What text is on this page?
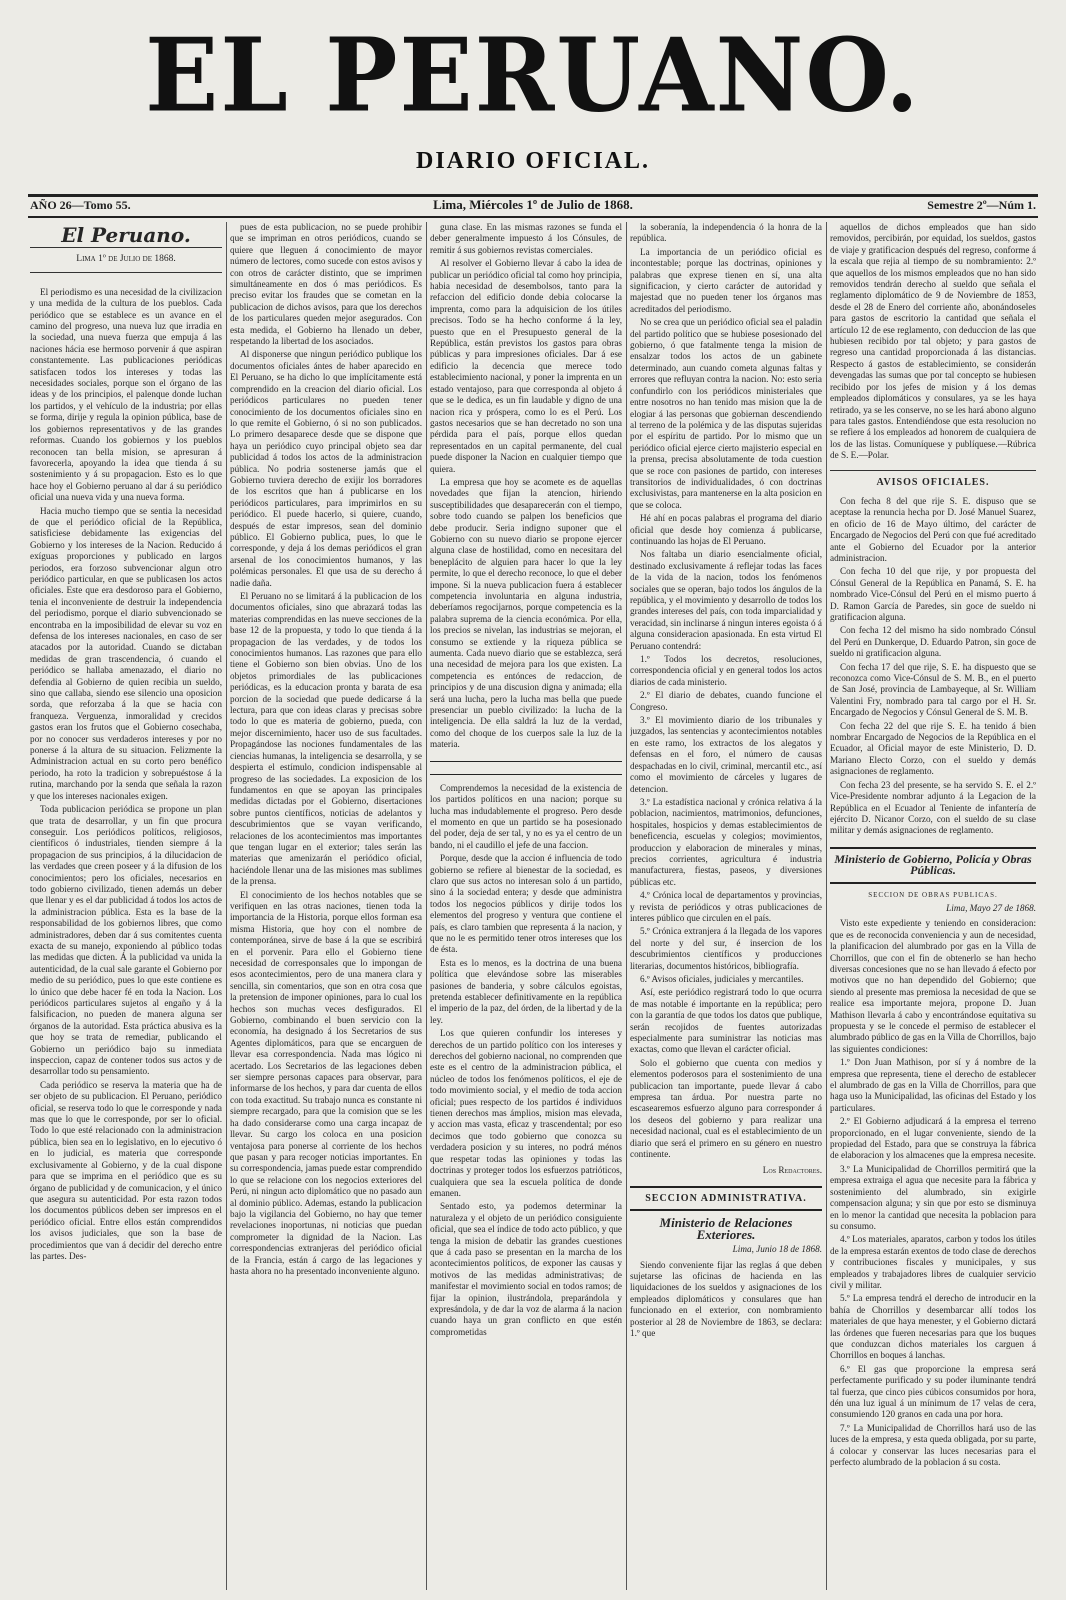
EL PERUANO.
DIARIO OFICIAL.
AÑO 26—Tomo 55.	Lima, Miércoles 1º de Julio de 1868.	Semestre 2º—Núm 1.
El Peruano.
Lima 1º de Julio de 1868.

El periodismo es una necesidad de la civilizacion y una medida de la cultura de los pueblos. Cada periódico que se establece es un avance en el camino del progreso, una nueva luz que irradia en la sociedad, una nueva fuerza que empuja á las naciones hácia ese hermoso porvenir á que aspiran constantemente. Las publicaciones periódicas satisfacen todos los intereses y todas las necesidades sociales, porque son el órgano de las ideas y de los principios, el palenque donde luchan los partidos, y el vehículo de la industria; por ellas se forma, dirije y regula la opinion pública, base de los gobiernos representativos y de las grandes reformas. Cuando los gobiernos y los pueblos reconocen tan bella mision, se apresuran á favorecerla, apoyando la idea que tienda á su sostenimiento y á su propagacion. Esto es lo que hace hoy el Gobierno peruano al dar á su periódico oficial una nueva vida y una nueva forma.

Hacia mucho tiempo que se sentia la necesidad de que el periódico oficial de la República, satisficiese debidamente las exigencias del Gobierno y los intereses de la Nacion. Reducido á exíguas proporciones y publicado en largos periodos, era forzoso subvencionar algun otro periódico particular, en que se publicasen los actos oficiales. Este que era desdoroso para el Gobierno, tenia el inconveniente de destruir la independencia del periodismo, porque el diario subvencionado se encontraba en la imposibilidad de elevar su voz en defensa de los intereses nacionales, en caso de ser atacados por la autoridad. Cuando se dictaban medidas de gran trascendencia, ó cuando el periódico se hallaba amenazado, el diario no defendia al Gobierno de quien recibia un sueldo, sino que callaba, siendo ese silencio una oposicion sorda, que reforzaba á la que se hacia con franqueza. Verguenza, inmoralidad y crecidos gastos eran los frutos que el Gobierno cosechaba, por no conocer sus verdaderos intereses y por no ponerse á la altura de su situacion. Felizmente la Administracion actual en su corto pero benéfico periodo, ha roto la tradicion y sobrepuéstose á la rutina, marchando por la senda que señala la razon y que los intereses nacionales exigen.

Toda publicacion periódica se propone un plan que trata de desarrollar, y un fin que procura conseguir. Los periódicos políticos, religiosos, científicos ó industriales, tienden siempre á la propagacion de sus principios, á la dilucidacion de las verdades que creen poseer y á la difusion de los conocimientos; pero los oficiales, necesarios en todo gobierno civilizado, tienen además un deber que llenar y es el dar publicidad á todos los actos de la administracion pública. Esta es la base de la responsabilidad de los gobiernos libres, que como administradores, deben dar á sus comitentes cuenta exacta de su manejo, exponiendo al público todas las medidas que dicten. Á la publicidad va unida la autenticidad, de la cual sale garante el Gobierno por medio de su periódico, pues lo que este contiene es lo único que debe hacer fé en toda la Nacion. Los periódicos particulares sujetos al engaño y á la falsificacion, no pueden de manera alguna ser órganos de la autoridad. Esta práctica abusiva es la que hoy se trata de remediar, publicando el Gobierno un periódico bajo su inmediata inspeccion, capaz de contener todos sus actos y de desarrollar todo su pensamiento.

Cada periódico se reserva la materia que ha de ser objeto de su publicacion. El Peruano, periódico oficial, se reserva todo lo que le corresponde y nada mas que lo que le corresponde, por ser lo oficial. Todo lo que esté relacionado con la administracion pública, bien sea en lo legislativo, en lo ejecutivo ó en lo judicial, es materia que corresponde exclusivamente al Gobierno, y de la cual dispone para que se imprima en el periódico que es su órgano de publicidad y de comunicacion, y el único que asegura su autenticidad. Por esta razon todos los documentos públicos deben ser impresos en el periódico oficial. Entre ellos están comprendidos los avisos judiciales, que son la base de procedimientos que van á decidir del derecho entre las partes. Des-

pues de esta publicacion, no se puede prohibir que se impriman en otros periódicos, cuando se quiere que lleguen á conocimiento de mayor número de lectores, como sucede con estos avisos y con otros de carácter distinto, que se imprimen simultáneamente en dos ó mas periódicos. Es preciso evitar los fraudes que se cometan en la publicacion de dichos avisos, para que los derechos de los particulares queden mejor asegurados. Con esta medida, el Gobierno ha llenado un deber, respetando la libertad de los asociados.

Al disponerse que ningun periódico publique los documentos oficiales ántes de haber aparecido en El Peruano, se ha dicho lo que implícitamente está comprendido en la creacion del diario oficial. Los periódicos particulares no pueden tener conocimiento de los documentos oficiales sino en lo que remite el Gobierno, ó si no son publicados. Lo primero desaparece desde que se dispone que haya un periódico cuyo principal objeto sea dar publicidad á todos los actos de la administracion pública. No podria sostenerse jamás que el Gobierno tuviera derecho de exijir los borradores de los escritos que han á publicarse en los periódicos particulares, para imprimirlos en su periódico. El puede hacerlo, si quiere, cuando, después de estar impresos, sean del dominio público. El Gobierno publica, pues, lo que le corresponde, y deja á los demas periódicos el gran arsenal de los conocimientos humanos, y las polémicas personales. El que usa de su derecho á nadie daña.

El Peruano no se limitará á la publicacion de los documentos oficiales, sino que abrazará todas las materias comprendidas en las nueve secciones de la base 12 de la propuesta, y todo lo que tienda á la propagacion de las verdades, y de todos los conocimientos humanos. Las razones que para ello tiene el Gobierno son bien obvias. Uno de los objetos primordiales de las publicaciones periódicas, es la educacion pronta y barata de esa porcion de la sociedad que puede dedicarse á la lectura, para que con ideas claras y precisas sobre todo lo que es materia de gobierno, pueda, con mejor discernimiento, hacer uso de sus facultades. Propagándose las nociones fundamentales de las ciencias humanas, la inteligencia se desarrolla, y se despierta el estímulo, condicion indispensable al progreso de las sociedades. La exposicion de los fundamentos en que se apoyan las principales medidas dictadas por el Gobierno, disertaciones sobre puntos científicos, noticias de adelantos y descubrimientos que se vayan verificando, relaciones de los acontecimientos mas importantes que tengan lugar en el exterior; tales serán las materias que amenizarán el periódico oficial, haciéndole llenar una de las misiones mas sublimes de la prensa.

El conocimiento de los hechos notables que se verifiquen en las otras naciones, tienen toda la importancia de la Historia, porque ellos forman esa misma Historia, que hoy con el nombre de contemporánea, sirve de base á la que se escribirá en el porvenir. Para ello el Gobierno tiene necesidad de corresponsales que lo impongan de esos acontecimientos, pero de una manera clara y sencilla, sin comentarios, que son en otra cosa que la pretension de imponer opiniones, para lo cual los hechos son muchas veces desfigurados. El Gobierno, combinando el buen servicio con la economía, ha designado á los Secretarios de sus Agentes diplomáticos, para que se encarguen de llevar esa correspondencia. Nada mas lógico ni acertado. Los Secretarios de las legaciones deben ser siempre personas capaces para observar, para informarse de los hechos, y para dar cuenta de ellos con toda exactitud. Su trabajo nunca es constante ni siempre recargado, para que la comision que se les ha dado considerarse como una carga incapaz de llevar. Su cargo los coloca en una posicion ventajosa para ponerse al corriente de los hechos que pasan y para recoger noticias importantes. En su correspondencia, jamas puede estar comprendido lo que se relacione con los negocios exteriores del Perú, ni ningun acto diplomático que no pasado aun al dominio público. Ademas, estando la publicacion bajo la vigilancia del Gobierno, no hay que temer revelaciones inoportunas, ni noticias que puedan comprometer la dignidad de la Nacion. Las correspondencias extranjeras del periódico oficial de la Francia, están á cargo de las legaciones y hasta ahora no ha presentado inconveniente alguno.

guna clase. En las mismas razones se funda el deber generalmente impuesto á los Cónsules, de remitir á sus gobiernos revistas comerciales.

Al resolver el Gobierno llevar á cabo la idea de publicar un periódico oficial tal como hoy principia, habia necesidad de desembolsos, tanto para la refaccion del edificio donde debia colocarse la imprenta, como para la adquisicion de los útiles precisos. Todo se ha hecho conforme á la ley, puesto que en el Presupuesto general de la República, están previstos los gastos para obras públicas y para impresiones oficiales. Dar á ese edificio la decencia que merece todo establecimiento nacional, y poner la imprenta en un estado ventajoso, para que corresponda al objeto á que se le dedica, es un fin laudable y digno de una nacion rica y próspera, como lo es el Perú. Los gastos necesarios que se han decretado no son una pérdida para el país, porque ellos quedan representados en un capital permanente, del cual puede disponer la Nacion en cualquier tiempo que quiera.

La empresa que hoy se acomete es de aquellas novedades que fijan la atencion, hiriendo susceptibilidades que desaparecerán con el tiempo, sobre todo cuando se palpen los beneficios que debe producir. Seria indigno suponer que el Gobierno con su nuevo diario se propone ejercer alguna clase de hostilidad, como en necesitara del beneplácito de alguien para hacer lo que la ley permite, lo que el derecho reconoce, lo que el deber impone. Si la nueva publicacion fuera á establecer competencia involuntaria en alguna industria, deberíamos regocijarnos, porque competencia es la palabra suprema de la ciencia económica. Por ella, los precios se nivelan, las industrias se mejoran, el consumo se extiende y la riqueza pública se aumenta. Cada nuevo diario que se establezca, será una necesidad de mejora para los que existen. La competencia es entónces de redaccion, de principios y de una discusion digna y animada; ella será una lucha, pero la lucha mas bella que puede presenciar un pueblo civilizado: la lucha de la inteligencia. De ella saldrá la luz de la verdad, como del choque de los cuerpos sale la luz de la materia.

Comprendemos la necesidad de la existencia de los partidos políticos en una nacion; porque su lucha mas indudablemente el progreso. Pero desde el momento en que un partido se ha posesionado del poder, deja de ser tal, y no es ya el centro de un bando, ni el caudillo el jefe de una faccion.

Porque, desde que la accion é influencia de todo gobierno se refiere al bienestar de la sociedad, es claro que sus actos no interesan solo á un partido, sino á la sociedad entera; y desde que administra todos los negocios públicos y dirije todos los elementos del progreso y ventura que contiene el país, es claro tambien que representa á la nacion, y que no le es permitido tener otros intereses que los de ésta.

Esta es lo menos, es la doctrina de una buena política que elevándose sobre las miserables pasiones de banderia, y sobre cálculos egoistas, pretenda establecer definitivamente en la república el imperio de la paz, del órden, de la libertad y de la ley.

Los que quieren confundir los intereses y derechos de un partido político con los intereses y derechos del gobierno nacional, no comprenden que este es el centro de la administracion pública, el núcleo de todos los fenómenos políticos, el eje de todo movimiento social, y el medio de toda accion oficial; pues respecto de los partidos é individuos tienen derechos mas ámplios, mision mas elevada, y accion mas vasta, eficaz y trascendental; por eso decimos que todo gobierno que conozca su verdadera posicion y su interes, no podrá ménos que respetar todas las opiniones y todas las doctrinas y proteger todos los esfuerzos patrióticos, cualquiera que sea la escuela política de donde emanen.

Sentado esto, ya podemos determinar la naturaleza y el objeto de un periódico consiguiente oficial, que sea el índice de todo acto público, y que tenga la mision de debatir las grandes cuestiones que á cada paso se presentan en la marcha de los acontecimientos políticos, de exponer las causas y motivos de las medidas administrativas; de manifestar el movimiento social en todos ramos; de fijar la opinion, ilustrándola, preparándola y expresándola, y de dar la voz de alarma á la nacion cuando haya un gran conflicto en que estén comprometidas

la soberanía, la independencia ó la honra de la república.

La importancia de un periódico oficial es incontestable; porque las doctrinas, opiniones y palabras que exprese tienen en sí, una alta significacion, y cierto carácter de autoridad y majestad que no pueden tener los órganos mas acreditados del periodismo.

No se crea que un periódico oficial sea el paladin del partido político que se hubiese posesionado del gobierno, ó que fatalmente tenga la mision de ensalzar todos los actos de un gabinete determinado, aun cuando cometa algunas faltas y errores que refluyan contra la nacion. No: esto seria confundirlo con los periódicos ministeriales que entre nosotros no han tenido mas mision que la de elogiar á las personas que gobiernan descendiendo al terreno de la polémica y de las disputas sujeridas por el espíritu de partido. Por lo mismo que un periódico oficial ejerce cierto majisterio especial en la prensa, precisa absolutamente de toda cuestion que se roce con pasiones de partido, con intereses transitorios de individualidades, ó con doctrinas exclusivistas, para mantenerse en la alta posicion en que se coloca.

Hé ahí en pocas palabras el programa del diario oficial que desde hoy comienza á publicarse, continuando las hojas de El Peruano.

Nos faltaba un diario esencialmente oficial, destinado exclusivamente á reflejar todas las faces de la vida de la nacion, todos los fenómenos sociales que se operan, bajo todos los ángulos de la república, y el movimiento y desarrollo de todos los grandes intereses del país, con toda imparcialidad y veracidad, sin inclinarse á ningun interes egoista ó á alguna consideracion apasionada. En esta virtud El Peruano contendrá:

1.º Todos los decretos, resoluciones, correspondencia oficial y en general todos los actos diarios de cada ministerio.

2.º El diario de debates, cuando funcione el Congreso.

3.º El movimiento diario de los tribunales y juzgados, las sentencias y acontecimientos notables en este ramo, los extractos de los alegatos y defensas en el foro, el número de causas despachadas en lo civil, criminal, mercantil etc., así como el movimiento de cárceles y lugares de detencion.

3.º La estadística nacional y crónica relativa á la poblacion, nacimientos, matrimonios, defunciones, hospitales, hospicios y demas establecimientos de beneficencia, escuelas y colegios; movimientos, produccion y elaboracion de minerales y minas, precios corrientes, agricultura é industria manufacturera, fiestas, paseos, y diversiones públicas etc.

4.º Crónica local de departamentos y provincias, y revista de periódicos y otras publicaciones de interes público que circulen en el país.

5.º Crónica extranjera á la llegada de los vapores del norte y del sur, é insercion de los descubrimientos científicos y producciones literarias, documentos históricos, bibliografía.

6.º Avisos oficiales, judiciales y mercantiles.

Así, este periódico registrará todo lo que ocurra de mas notable é importante en la república; pero con la garantía de que todos los datos que publique, serán recojidos de fuentes autorizadas especialmente para suministrar las noticias mas exactas, como que llevan el carácter oficial.

Solo el gobierno que cuenta con medios y elementos poderosos para el sostenimiento de una publicacion tan importante, puede llevar á cabo empresa tan árdua. Por nuestra parte no escasearemos esfuerzo alguno para corresponder á los deseos del gobierno y para realizar una necesidad nacional, cual es el establecimiento de un diario que será el primero en su género en nuestro continente.

Los Redactores.
SECCION ADMINISTRATIVA.
Ministerio de Relaciones Exteriores.
Lima, Junio 18 de 1868.

Siendo conveniente fijar las reglas á que deben sujetarse las oficinas de hacienda en las liquidaciones de los sueldos y asignaciones de los empleados diplomáticos y consulares que han funcionado en el exterior, con nombramiento posterior al 28 de Noviembre de 1863, se declara: 1.º que

aquellos de dichos empleados que han sido removidos, percibirán, por equidad, los sueldos, gastos de viaje y gratificacion después del regreso, conforme á la escala que rejia al tiempo de su nombramiento: 2.º que aquellos de los mismos empleados que no han sido removidos tendrán derecho al sueldo que señala el reglamento diplomático de 9 de Noviembre de 1853, desde el 28 de Enero del corriente año, abonándoseles para gastos de escritorio la cantidad que señala el artículo 12 de ese reglamento, con deduccion de las que hubiesen recibido por tal objeto; y para gastos de regreso una cantidad proporcionada á las distancias. Respecto á gastos de establecimiento, se considerán devengadas las sumas que por tal concepto se hubiesen recibido por los jefes de mision y á los demas empleados diplomáticos y consulares, ya se les haya retirado, ya se les conserve, no se les hará abono alguno para tales gastos. Entendiéndose que esta resolucion no se refiere á los empleados ad honorem de cualquiera de los de las listas. Comuníquese y publíquese.—Rúbrica de S. E.—Polar.

AVISOS OFICIALES.

Con fecha 8 del que rije S. E. dispuso que se aceptase la renuncia hecha por D. José Manuel Suarez, en oficio de 16 de Mayo último, del carácter de Encargado de Negocios del Perú con que fué acreditado ante el Gobierno del Ecuador por la anterior administracion.

Con fecha 10 del que rije, y por propuesta del Cónsul General de la República en Panamá, S. E. ha nombrado Vice-Cónsul del Perú en el mismo puerto á D. Ramon García de Paredes, sin goce de sueldo ni gratificacion alguna.

Con fecha 12 del mismo ha sido nombrado Cónsul del Perú en Dunkerque, D. Eduardo Patron, sin goce de sueldo ni gratificacion alguna.

Con fecha 17 del que rije, S. E. ha dispuesto que se reconozca como Vice-Cónsul de S. M. B., en el puerto de San José, provincia de Lambayeque, al Sr. William Valentini Fry, nombrado para tal cargo por el H. Sr. Encargado de Negocios y Cónsul General de S. M. B.

Con fecha 22 del que rije S. E. ha tenido á bien nombrar Encargado de Negocios de la República en el Ecuador, al Oficial mayor de este Ministerio, D. D. Mariano Electo Corzo, con el sueldo y demás asignaciones de reglamento.

Con fecha 23 del presente, se ha servido S. E. el 2.º Vice-Presidente nombrar adjunto á la Legacion de la República en el Ecuador al Teniente de infantería de ejército D. Nicanor Corzo, con el sueldo de su clase militar y demás asignaciones de reglamento.

Ministerio de Gobierno, Policía y Obras Públicas.
SECCION DE OBRAS PUBLICAS.
Lima, Mayo 27 de 1868.

Visto este expediente y teniendo en consideracion: que es de reconocida conveniencia y aun de necesidad, la planificacion del alumbrado por gas en la Villa de Chorrillos, que con el fin de obtenerlo se han hecho diversas concesiones que no se han llevado á efecto por motivos que no han dependido del Gobierno; que siendo al presente mas premiosa la necesidad de que se realice esa importante mejora, propone D. Juan Mathison llevarla á cabo y encontrándose equitativa su propuesta y se le concede el permiso de establecer el alumbrado público de gas en la Villa de Chorrillos, bajo las siguientes condiciones:

1.º Don Juan Mathison, por sí y á nombre de la empresa que representa, tiene el derecho de establecer el alumbrado de gas en la Villa de Chorrillos, para que haga uso la Municipalidad, las oficinas del Estado y los particulares.

2.º El Gobierno adjudicará á la empresa el terreno proporcionado, en el lugar conveniente, siendo de la propiedad del Estado, para que se construya la fábrica de elaboracion y los almacenes que la empresa necesite.

3.º La Municipalidad de Chorrillos permitirá que la empresa extraiga el agua que necesite para la fábrica y sostenimiento del alumbrado, sin exigirle compensacion alguna; y sin que por esto se disminuya en lo menor la cantidad que necesita la poblacion para su consumo.

4.º Los materiales, aparatos, carbon y todos los útiles de la empresa estarán exentos de todo clase de derechos y contribuciones fiscales y municipales, y sus empleados y trabajadores libres de cualquier servicio civil y militar.

5.º La empresa tendrá el derecho de introducir en la bahía de Chorrillos y desembarcar allí todos los materiales de que haya menester, y el Gobierno dictará las órdenes que fueren necesarias para que los buques que conduzcan dichos materiales los carguen á Chorrillos en boques á lanchas.

6.º El gas que proporcione la empresa será perfectamente purificado y su poder iluminante tendrá tal fuerza, que cinco pies cúbicos consumidos por hora, dén una luz igual á un mínimum de 17 velas de cera, consumiendo 120 granos en cada una por hora.

7.º La Municipalidad de Chorrillos hará uso de las luces de la empresa, y esta queda obligada, por su parte, á colocar y conservar las luces necesarias para el perfecto alumbrado de la poblacion á su costa.
